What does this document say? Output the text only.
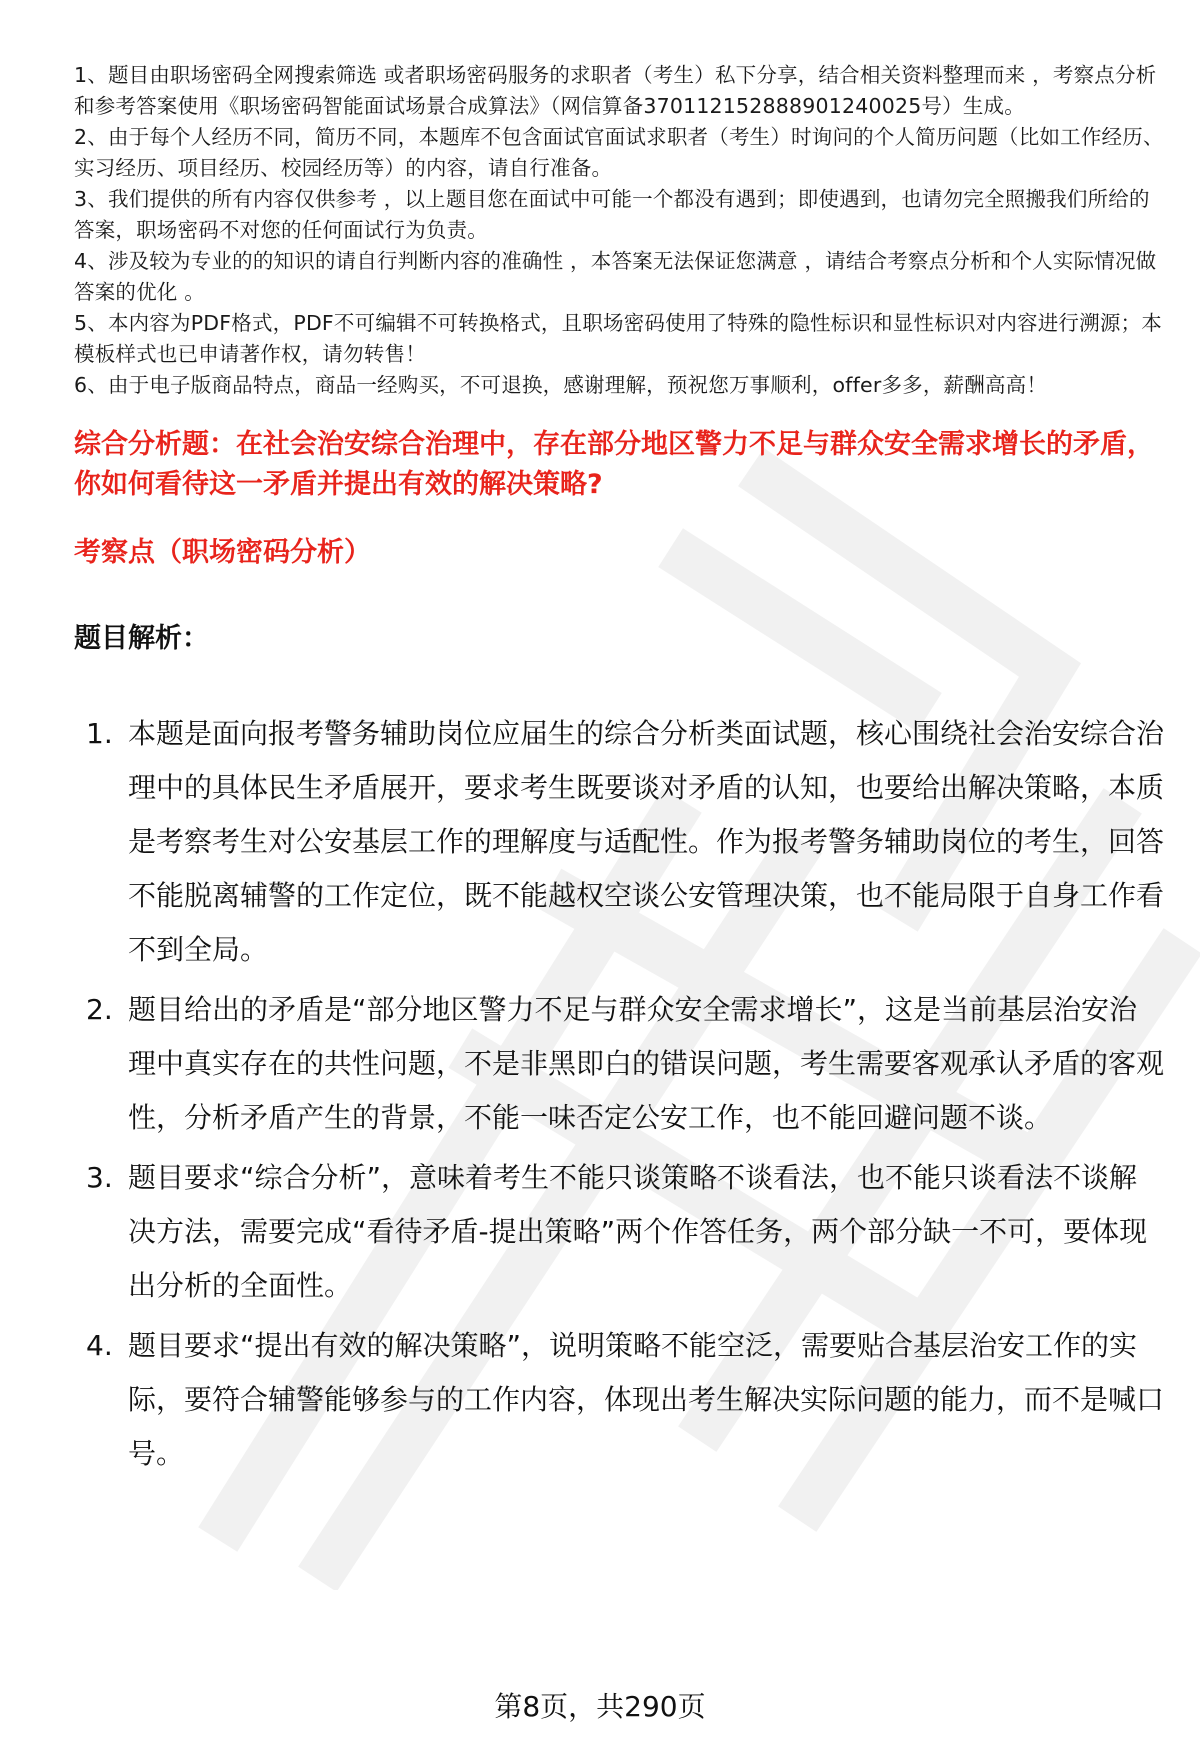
1、题目由职场密码全网搜索筛选 或者职场密码服务的求职者（考生）私下分享，结合相关资料整理而来 ，考察点分析和参考答案使用《职场密码智能面试场景合成算法》（网信算备370112152888901240025号）生成。
2、由于每个人经历不同，简历不同，本题库不包含面试官面试求职者（考生）时询问的个人简历问题（比如工作经历、实习经历、项目经历、校园经历等）的内容，请自行准备。
3、我们提供的所有内容仅供参考 ，以上题目您在面试中可能一个都没有遇到；即使遇到，也请勿完全照搬我们所给的答案，职场密码不对您的任何面试行为负责。
4、涉及较为专业的的知识的请自行判断内容的准确性 ，本答案无法保证您满意 ，请结合考察点分析和个人实际情况做答案的优化 。
5、本内容为PDF格式，PDF不可编辑不可转换格式，且职场密码使用了特殊的隐性标识和显性标识对内容进行溯源；本模板样式也已申请著作权，请勿转售！
6、由于电子版商品特点，商品一经购买，不可退换，感谢理解，预祝您万事顺利，offer多多，薪酬高高！
综合分析题：在社会治安综合治理中，存在部分地区警力不足与群众安全需求增长的矛盾，你如何看待这一矛盾并提出有效的解决策略?
考察点（职场密码分析）
题目解析：
1. 本题是面向报考警务辅助岗位应届生的综合分析类面试题，核心围绕社会治安综合治理中的具体民生矛盾展开，要求考生既要谈对矛盾的认知，也要给出解决策略，本质是考察考生对公安基层工作的理解度与适配性。作为报考警务辅助岗位的考生，回答不能脱离辅警的工作定位，既不能越权空谈公安管理决策，也不能局限于自身工作看不到全局。
2. 题目给出的矛盾是“部分地区警力不足与群众安全需求增长”，这是当前基层治安治理中真实存在的共性问题，不是非黑即白的错误问题，考生需要客观承认矛盾的客观性，分析矛盾产生的背景，不能一味否定公安工作，也不能回避问题不谈。
3. 题目要求“综合分析”，意味着考生不能只谈策略不谈看法，也不能只谈看法不谈解决方法，需要完成“看待矛盾-提出策略”两个作答任务，两个部分缺一不可，要体现出分析的全面性。
4. 题目要求“提出有效的解决策略”，说明策略不能空泛，需要贴合基层治安工作的实际，要符合辅警能够参与的工作内容，体现出考生解决实际问题的能力，而不是喊口号。
第8页，共290页
